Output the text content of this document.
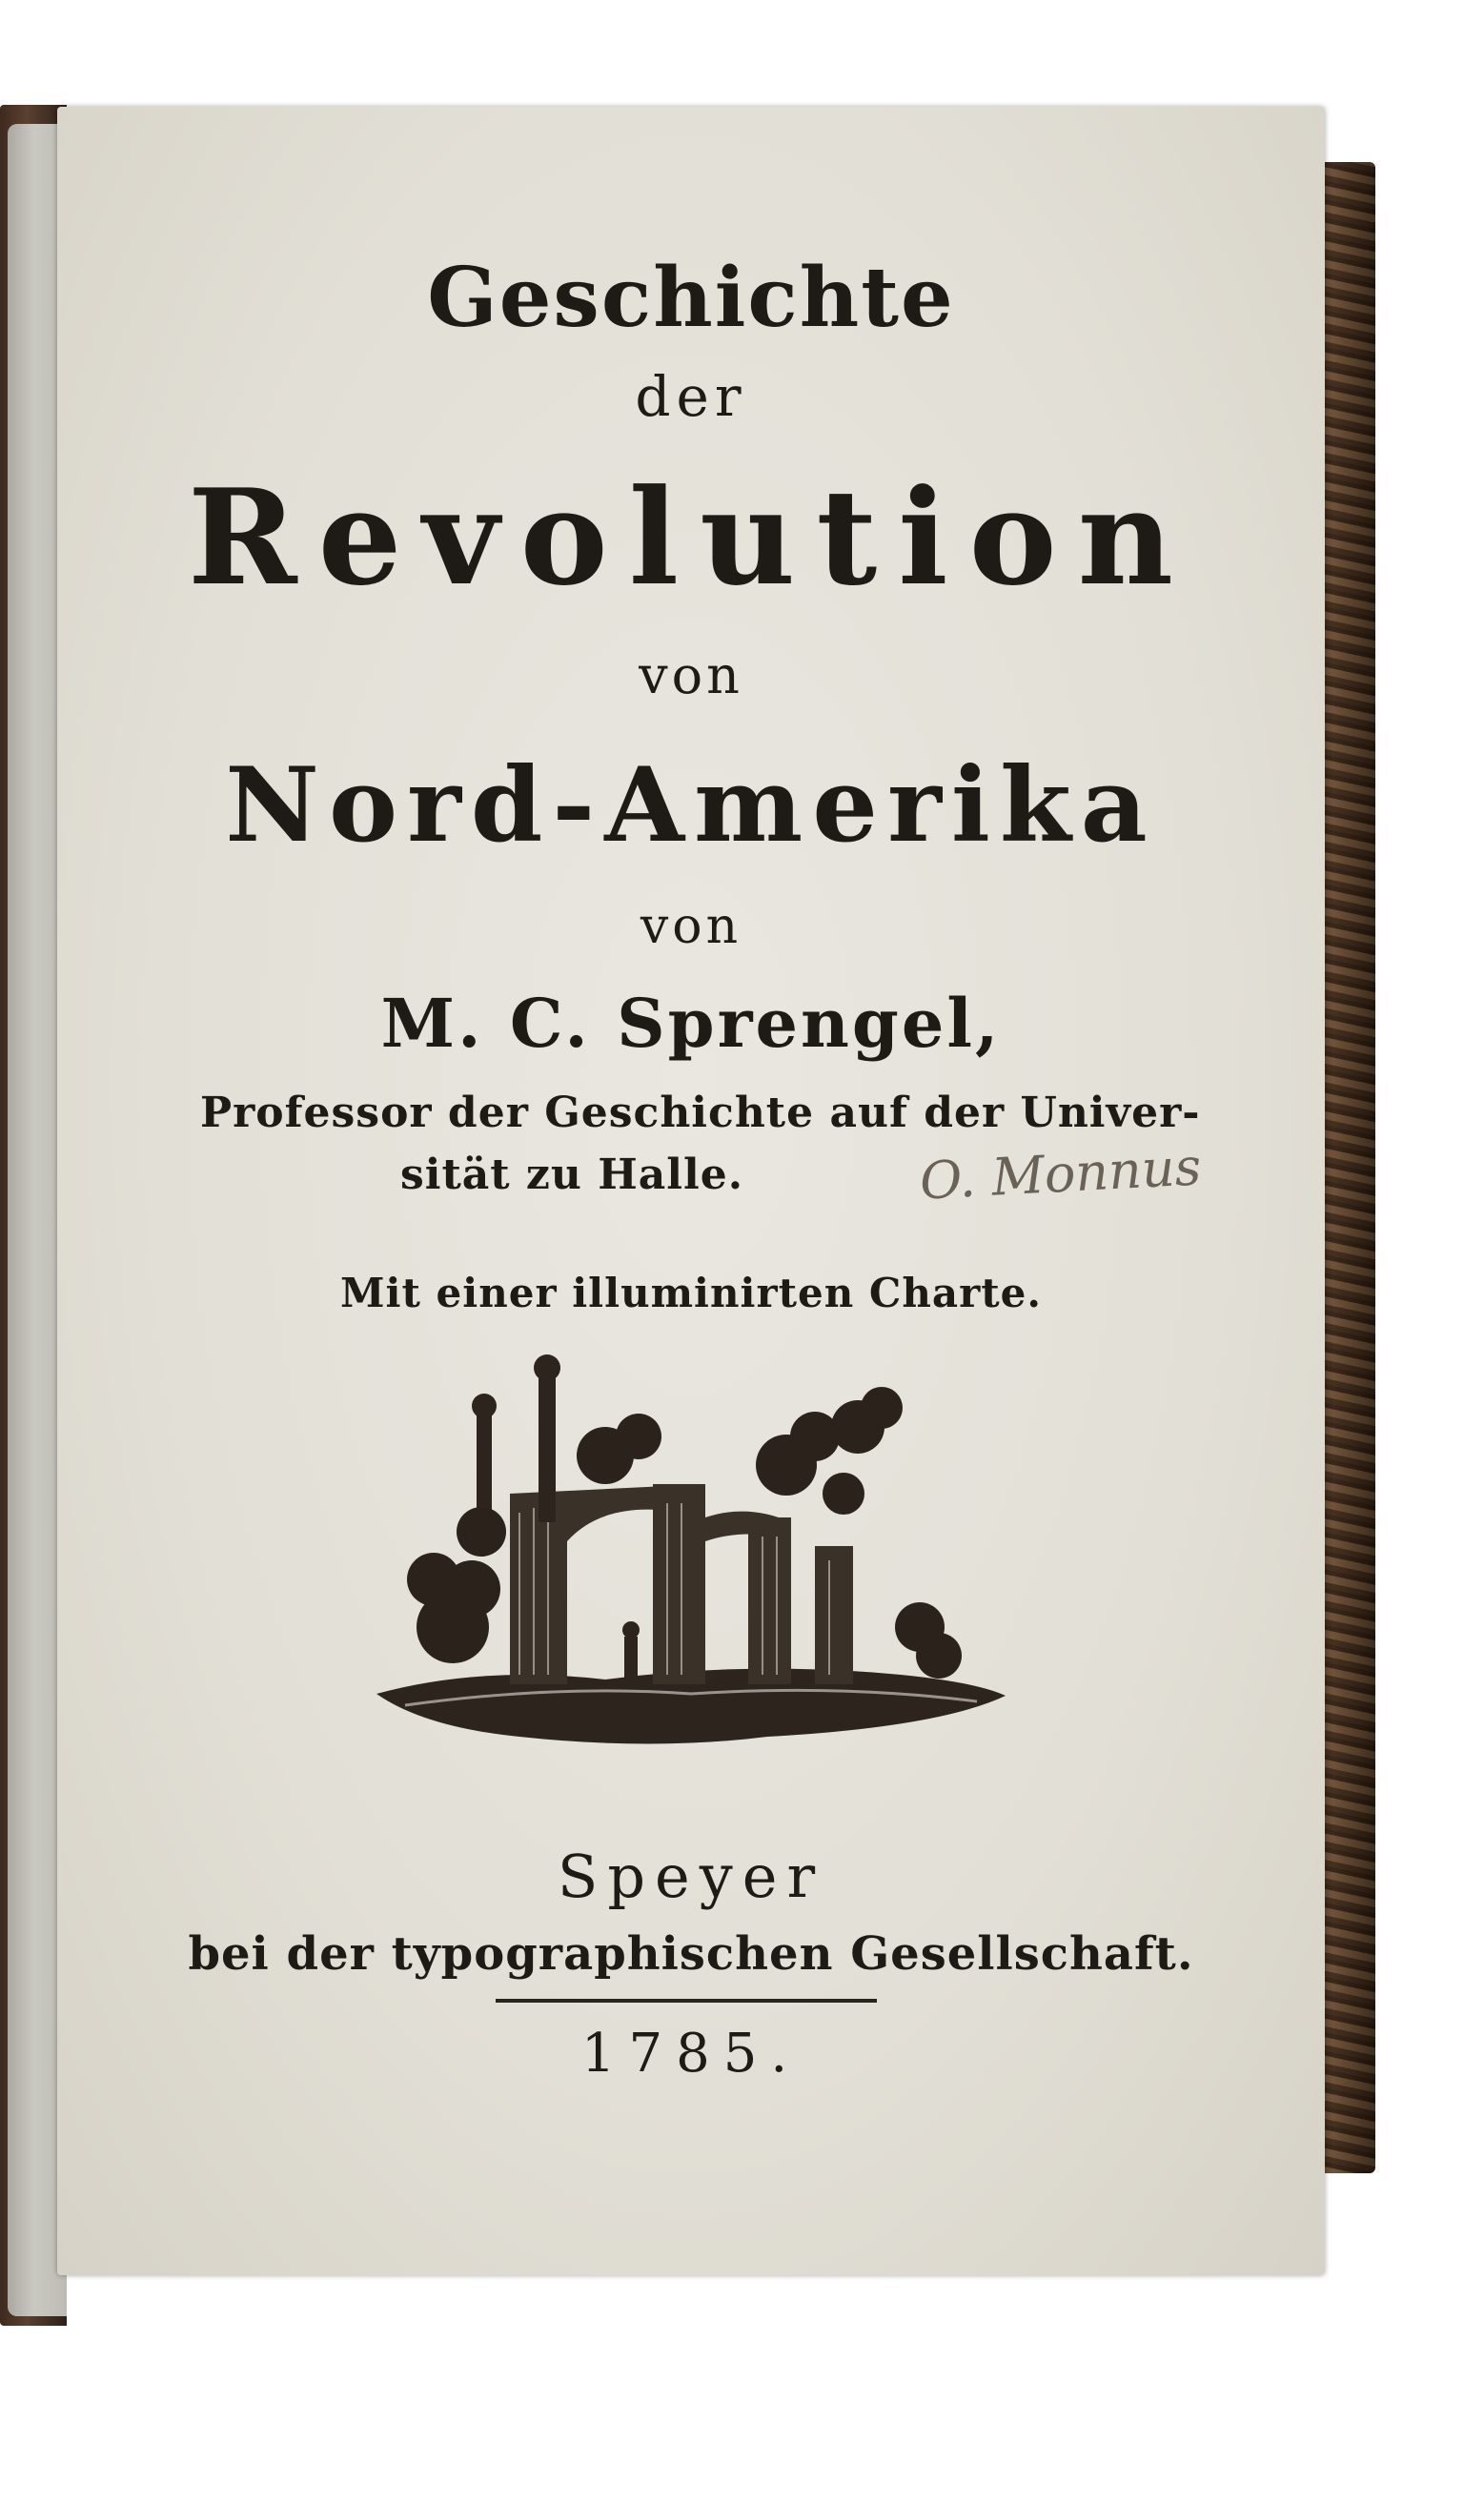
Geschichte
der
Revolution
von
Nord-Amerika
von
M. C. Sprengel,
Professor der Geschichte auf der Univer-
sität zu Halle.	O. Monnus
Mit einer illuminirten Charte.
Speyer
bei der typographischen Gesellschaft.
1785.
